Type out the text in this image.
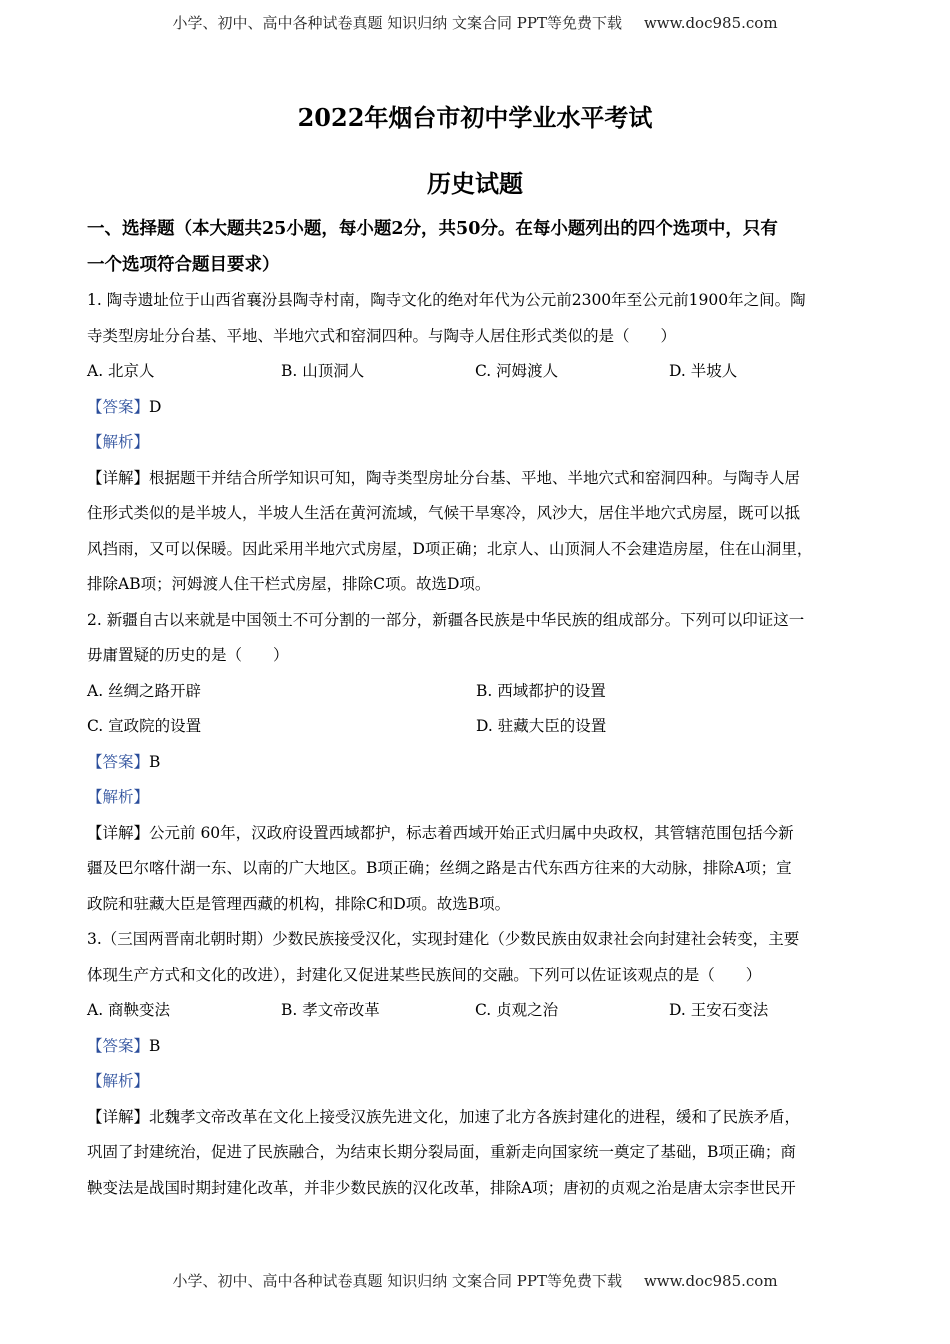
小学、初中、高中各种试卷真题 知识归纳 文案合同 PPT等免费下载 www.doc985.com
2022年烟台市初中学业水平考试
历史试题

一、选择题（本大题共25小题，每小题2分，共50分。在每小题列出的四个选项中，只有

一个选项符合题目要求）

1. 陶寺遗址位于山西省襄汾县陶寺村南，陶寺文化的绝对年代为公元前2300年至公元前1900年之间。陶

寺类型房址分台基、平地、半地穴式和窑洞四种。与陶寺人居住形式类似的是（　　）

A. 北京人	B. 山顶洞人	C. 河姆渡人	D. 半坡人

【答案】D

【解析】

【详解】根据题干并结合所学知识可知，陶寺类型房址分台基、平地、半地穴式和窑洞四种。与陶寺人居

住形式类似的是半坡人，半坡人生活在黄河流域，气候干旱寒冷，风沙大，居住半地穴式房屋，既可以抵

风挡雨，又可以保暖。因此采用半地穴式房屋，D项正确；北京人、山顶洞人不会建造房屋，住在山洞里，

排除AB项；河姆渡人住干栏式房屋，排除C项。故选D项。

2. 新疆自古以来就是中国领土不可分割的一部分，新疆各民族是中华民族的组成部分。下列可以印证这一

毋庸置疑的历史的是（　　）

A. 丝绸之路开辟	B. 西域都护的设置
C. 宣政院的设置	D. 驻藏大臣的设置

【答案】B

【解析】

【详解】公元前 60年，汉政府设置西域都护，标志着西域开始正式归属中央政权，其管辖范围包括今新

疆及巴尔喀什湖一东、以南的广大地区。B项正确；丝绸之路是古代东西方往来的大动脉，排除A项；宣

政院和驻藏大臣是管理西藏的机构，排除C和D项。故选B项。

3.（三国两晋南北朝时期）少数民族接受汉化，实现封建化（少数民族由奴隶社会向封建社会转变，主要

体现生产方式和文化的改进），封建化又促进某些民族间的交融。下列可以佐证该观点的是（　　）

A. 商鞅变法	B. 孝文帝改革	C. 贞观之治	D. 王安石变法

【答案】B

【解析】

【详解】北魏孝文帝改革在文化上接受汉族先进文化，加速了北方各族封建化的进程，缓和了民族矛盾，

巩固了封建统治，促进了民族融合，为结束长期分裂局面，重新走向国家统一奠定了基础，B项正确；商

鞅变法是战国时期封建化改革，并非少数民族的汉化改革，排除A项；唐初的贞观之治是唐太宗李世民开

小学、初中、高中各种试卷真题 知识归纳 文案合同 PPT等免费下载 www.doc985.com
